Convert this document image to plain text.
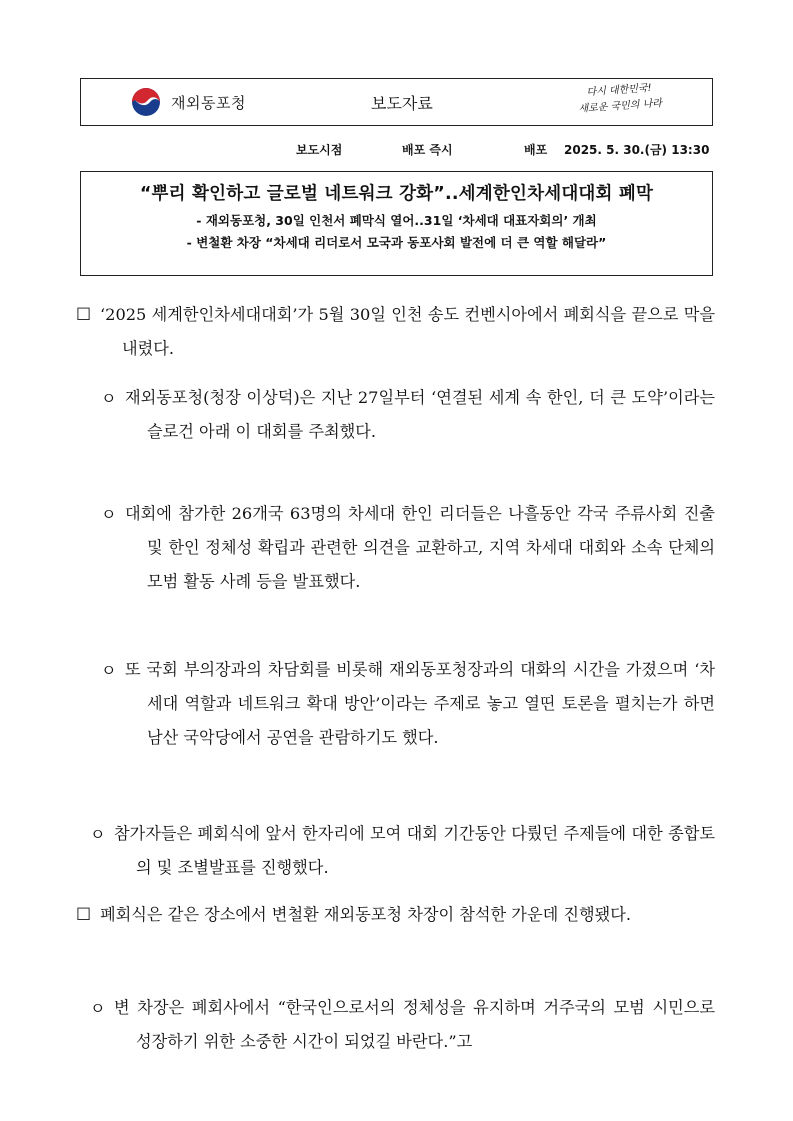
재외동포청	보도자료
다시 대한민국!
새로운 국민의 나라
보도시점	배포 즉시	배포 2025. 5. 30.(금) 13:30
“뿌리 확인하고 글로벌 네트워크 강화”..세계한인차세대대회 폐막
- 재외동포청, 30일 인천서 폐막식 열어..31일 ‘차세대 대표자회의’ 개최
- 변철환 차장 “차세대 리더로서 모국과 동포사회 발전에 더 큰 역할 해달라”
□ ‘2025 세계한인차세대대회’가 5월 30일 인천 송도 컨벤시아에서 폐회식을 끝으로 막을 내렸다.
ㅇ 재외동포청(청장 이상덕)은 지난 27일부터 ‘연결된 세계 속 한인, 더 큰 도약’이라는 슬로건 아래 이 대회를 주최했다.
ㅇ 대회에 참가한 26개국 63명의 차세대 한인 리더들은 나흘동안 각국 주류사회 진출 및 한인 정체성 확립과 관련한 의견을 교환하고, 지역 차세대 대회와 소속 단체의 모범 활동 사례 등을 발표했다.
ㅇ 또 국회 부의장과의 차담회를 비롯해 재외동포청장과의 대화의 시간을 가졌으며 ‘차세대 역할과 네트워크 확대 방안’이라는 주제로 놓고 열띤 토론을 펼치는가 하면 남산 국악당에서 공연을 관람하기도 했다.
ㅇ 참가자들은 폐회식에 앞서 한자리에 모여 대회 기간동안 다뤘던 주제들에 대한 종합토의 및 조별발표를 진행했다.
□ 폐회식은 같은 장소에서 변철환 재외동포청 차장이 참석한 가운데 진행됐다.
ㅇ 변 차장은 폐회사에서 “한국인으로서의 정체성을 유지하며 거주국의 모범 시민으로 성장하기 위한 소중한 시간이 되었길 바란다.”고
